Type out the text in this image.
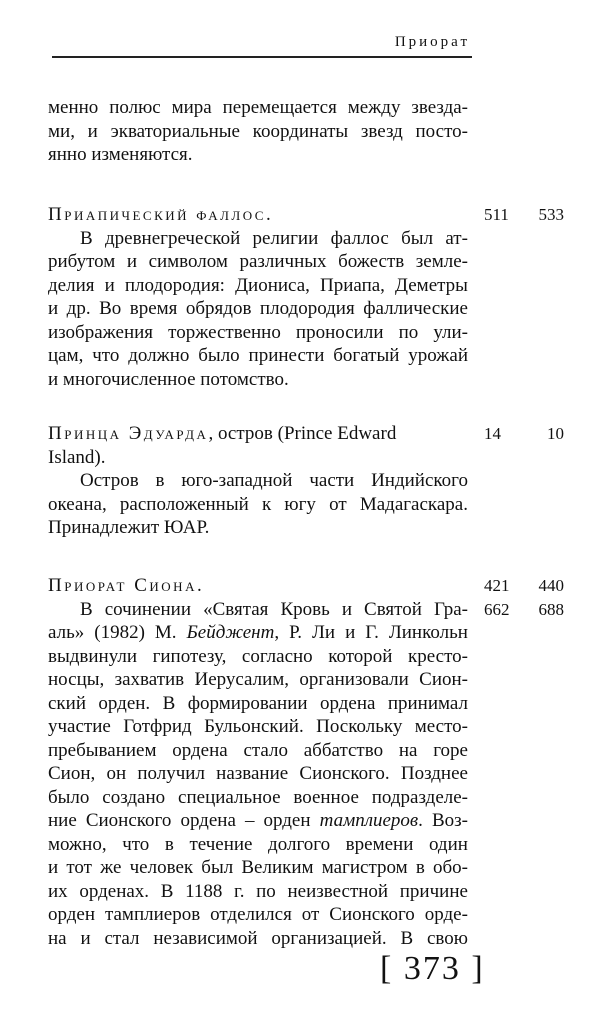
Приорат
менно полюс мира перемещается между звезда-
ми, и экваториальные координаты звезд посто-
янно изменяются.
Приапический фаллос.
В древнегреческой религии фаллос был ат-
рибутом и символом различных божеств земле-
делия и плодородия: Диониса, Приапа, Деметры
и др. Во время обрядов плодородия фаллические
изображения торжественно проносили по ули-
цам, что должно было принести богатый урожай
и многочисленное потомство.
511 533
Принца Эдуарда , остров (Prince Edward
Island).
Остров в юго-западной части Индийского
океана, расположенный к югу от Мадагаскара.
Принадлежит ЮАР.
14	10
Приорат Сиона.
В сочинении «Святая Кровь и Святой Гра-
аль» (1982) М. Бейджент, Р. Ли и Г. Линкольн
выдвинули гипотезу, согласно которой кресто-
носцы, захватив Иерусалим, организовали Сион-
ский орден. В формировании ордена принимал
участие Готфрид Бульонский. Поскольку место-
пребыванием ордена стало аббатство на горе
Сион, он получил название Сионского. Позднее
было создано специальное военное подразделе-
ние Сионского ордена – орден тамплиеров. Воз-
можно, что в течение долгого времени один
и тот же человек был Великим магистром в обо-
их орденах. В 1188 г. по неизвестной причине
орден тамплиеров отделился от Сионского орде-
на и стал независимой организацией. В свою
421 440
662 688
[ 373 ]
